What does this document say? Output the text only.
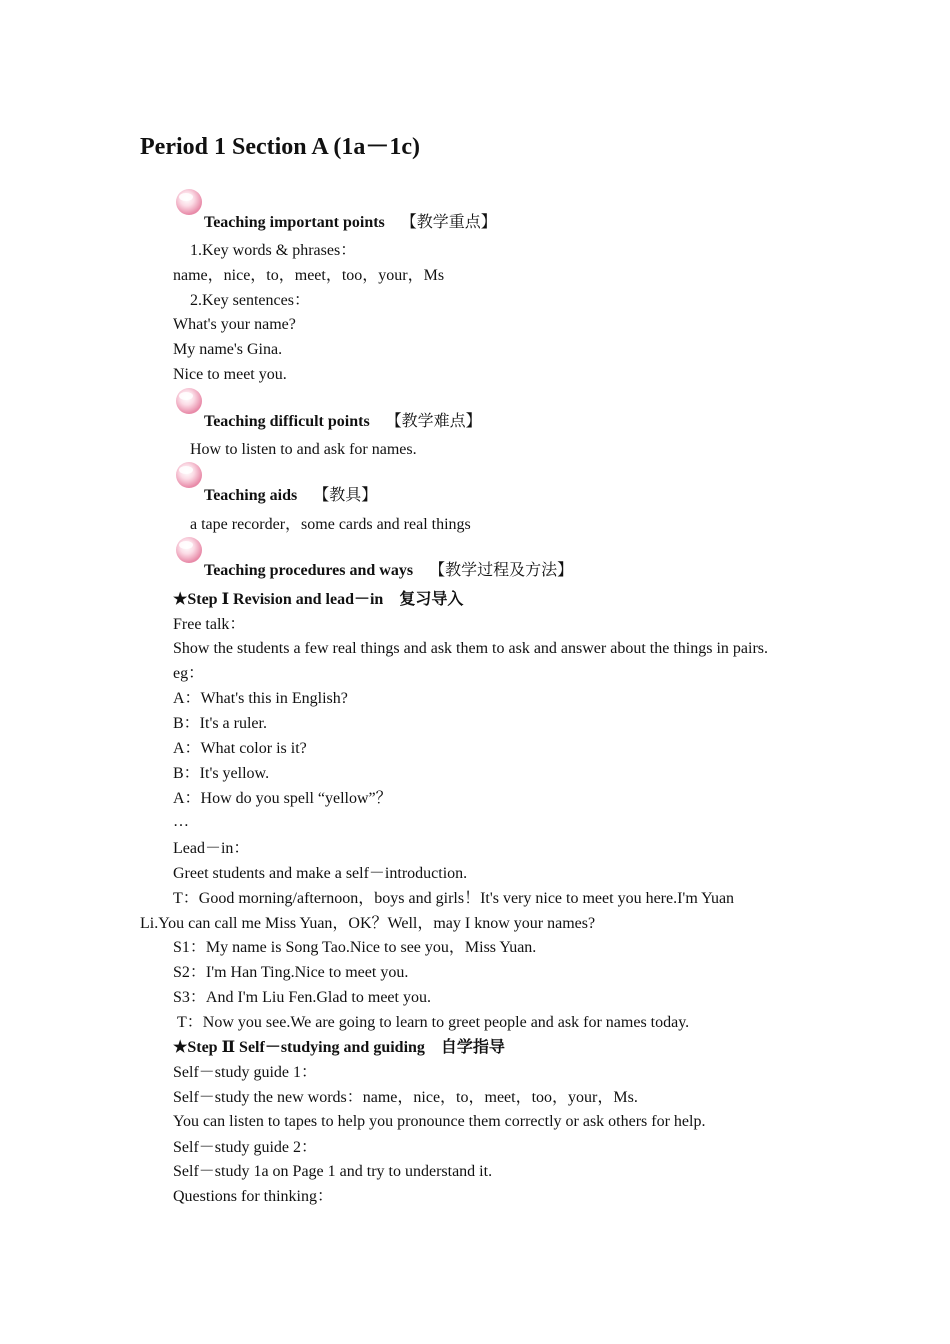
Period 1 Section A (1a－1c)
Teaching important points 【教学重点】
1.Key words & phrases：
name，nice，to，meet，too，your，Ms
2.Key sentences：
What's your name?
My name's Gina.
Nice to meet you.
Teaching difficult points 【教学难点】
How to listen to and ask for names.
Teaching aids 【教具】
a tape recorder，some cards and real things
Teaching procedures and ways 【教学过程及方法】
★Step Ⅰ Revision and lead－in 复习导入
Free talk：
Show the students a few real things and ask them to ask and answer about the things in pairs.
eg：
A：What's this in English?
B：It's a ruler.
A：What color is it?
B：It's yellow.
A：How do you spell “yellow”？
…
Lead－in：
Greet students and make a self－introduction.
T：Good morning/afternoon，boys and girls！It's very nice to meet you here.I'm Yuan
Li.You can call me Miss Yuan，OK？Well，may I know your names?
S1：My name is Song Tao.Nice to see you，Miss Yuan.
S2：I'm Han Ting.Nice to meet you.
S3：And I'm Liu Fen.Glad to meet you.
T：Now you see.We are going to learn to greet people and ask for names today.
★Step Ⅱ Self－studying and guiding 自学指导
Self－study guide 1：
Self－study the new words：name，nice，to，meet，too，your，Ms.
You can listen to tapes to help you pronounce them correctly or ask others for help.
Self－study guide 2：
Self－study 1a on Page 1 and try to understand it.
Questions for thinking：
